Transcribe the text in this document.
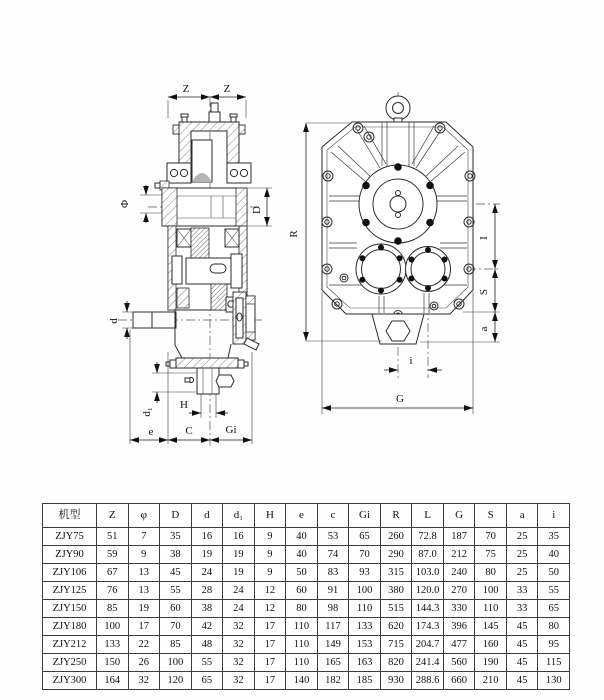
Z	Z
Φ
D
d
H
d₁
e	C	Gi
R
I
S
a
i
G
机型	Z	φ	D	d	d₁	H	e	c	Gi	R	L	G	S	a	i
ZJY75	51	7	35	16	16	9	40	53	65	260	72.8	187	70	25	35
ZJY90	59	9	38	19	19	9	40	74	70	290	87.0	212	75	25	40
ZJY106	67	13	45	24	19	9	50	83	93	315	103.0	240	80	25	50
ZJY125	76	13	55	28	24	12	60	91	100	380	120.0	270	100	33	55
ZJY150	85	19	60	38	24	12	80	98	110	515	144.3	330	110	33	65
ZJY180	100	17	70	42	32	17	110	117	133	620	174.3	396	145	45	80
ZJY212	133	22	85	48	32	17	110	149	153	715	204.7	477	160	45	95
ZJY250	150	26	100	55	32	17	110	165	163	820	241.4	560	190	45	115
ZJY300	164	32	120	65	32	17	140	182	185	930	288.6	660	210	45	130
